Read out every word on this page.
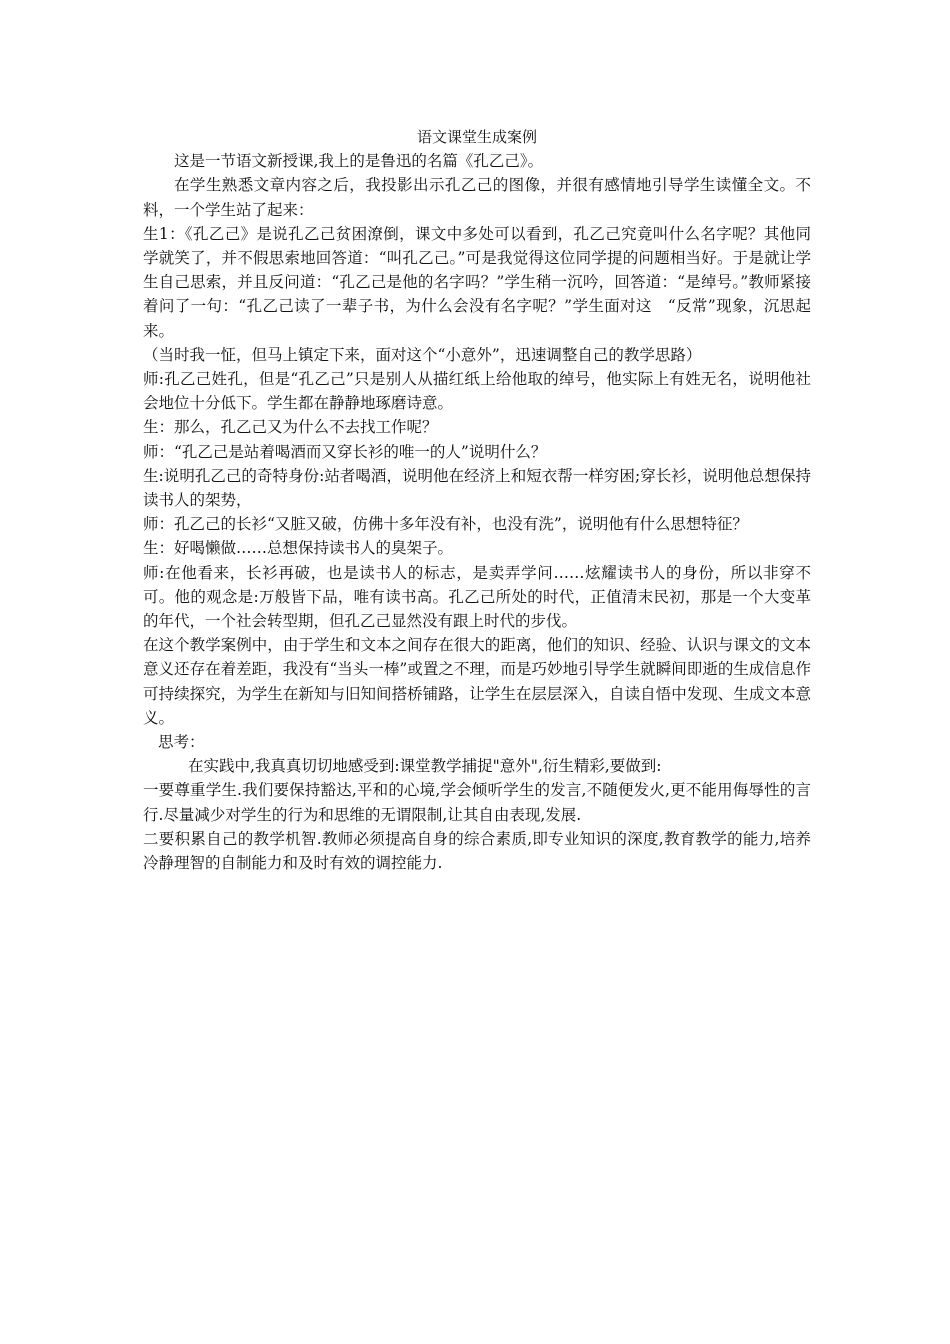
语文课堂生成案例

这是一节语文新授课,我上的是鲁迅的名篇《孔乙己》。

在学生熟悉文章内容之后，我投影出示孔乙己的图像，并很有感情地引导学生读懂全文。不料，一个学生站了起来：

生1：《孔乙己》是说孔乙己贫困潦倒，课文中多处可以看到，孔乙己究竟叫什么名字呢？其他同学就笑了，并不假思索地回答道：“叫孔乙己。”可是我觉得这位同学提的问题相当好。于是就让学生自己思索，并且反问道：“孔乙己是他的名字吗？”学生稍一沉吟，回答道：“是绰号。”教师紧接着问了一句：“孔乙己读了一辈子书，为什么会没有名字呢？”学生面对这　“反常”现象，沉思起来。

（当时我一怔，但马上镇定下来，面对这个“小意外”，迅速调整自己的教学思路）

师:孔乙己姓孔，但是“孔乙己”只是别人从描红纸上给他取的绰号，他实际上有姓无名，说明他社会地位十分低下。学生都在静静地琢磨诗意。

生：那么，孔乙己又为什么不去找工作呢？

师：“孔乙己是站着喝酒而又穿长衫的唯一的人”说明什么？

生:说明孔乙己的奇特身份:站者喝酒，说明他在经济上和短衣帮一样穷困;穿长衫，说明他总想保持读书人的架势，

师：孔乙己的长衫“又脏又破，仿佛十多年没有补，也没有洗”，说明他有什么思想特征？

生：好喝懒做……总想保持读书人的臭架子。

师:在他看来，长衫再破，也是读书人的标志，是卖弄学问……炫耀读书人的身份，所以非穿不可。他的观念是:万般皆下品，唯有读书高。孔乙己所处的时代，正值清末民初，那是一个大变革的年代，一个社会转型期，但孔乙己显然没有跟上时代的步伐。

在这个教学案例中，由于学生和文本之间存在很大的距离，他们的知识、经验、认识与课文的文本意义还存在着差距，我没有“当头一棒”或置之不理，而是巧妙地引导学生就瞬间即逝的生成信息作可持续探究，为学生在新知与旧知间搭桥铺路，让学生在层层深入，自读自悟中发现、生成文本意义。

思考：

在实践中,我真真切切地感受到:课堂教学捕捉"意外",衍生精彩,要做到:

一要尊重学生.我们要保持豁达,平和的心境,学会倾听学生的发言,不随便发火,更不能用侮辱性的言行.尽量减少对学生的行为和思维的无谓限制,让其自由表现,发展.

二要积累自己的教学机智.教师必须提高自身的综合素质,即专业知识的深度,教育教学的能力,培养冷静理智的自制能力和及时有效的调控能力.
